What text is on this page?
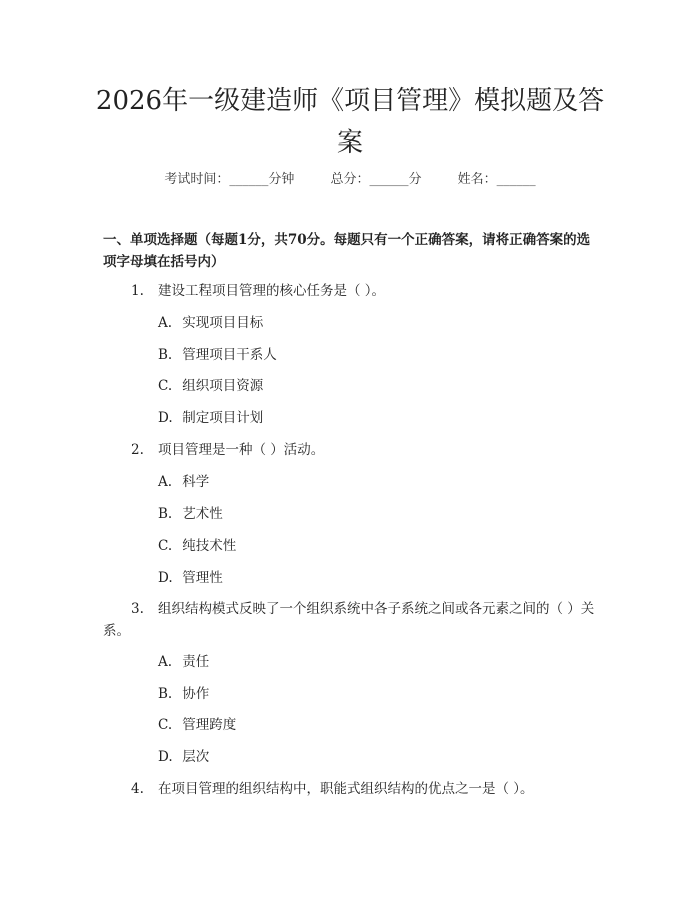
2026年一级建造师《项目管理》模拟题及答案
考试时间：______分钟	总分：______分	姓名：______
一、单项选择题（每题1分，共70分。每题只有一个正确答案，请将正确答案的选项字母填在括号内）
1. 建设工程项目管理的核心任务是（ ）。
A. 实现项目目标
B. 管理项目干系人
C. 组织项目资源
D. 制定项目计划
2. 项目管理是一种（ ）活动。
A. 科学
B. 艺术性
C. 纯技术性
D. 管理性
3. 组织结构模式反映了一个组织系统中各子系统之间或各元素之间的（ ）关系。
A. 责任
B. 协作
C. 管理跨度
D. 层次
4. 在项目管理的组织结构中，职能式组织结构的优点之一是（ ）。
